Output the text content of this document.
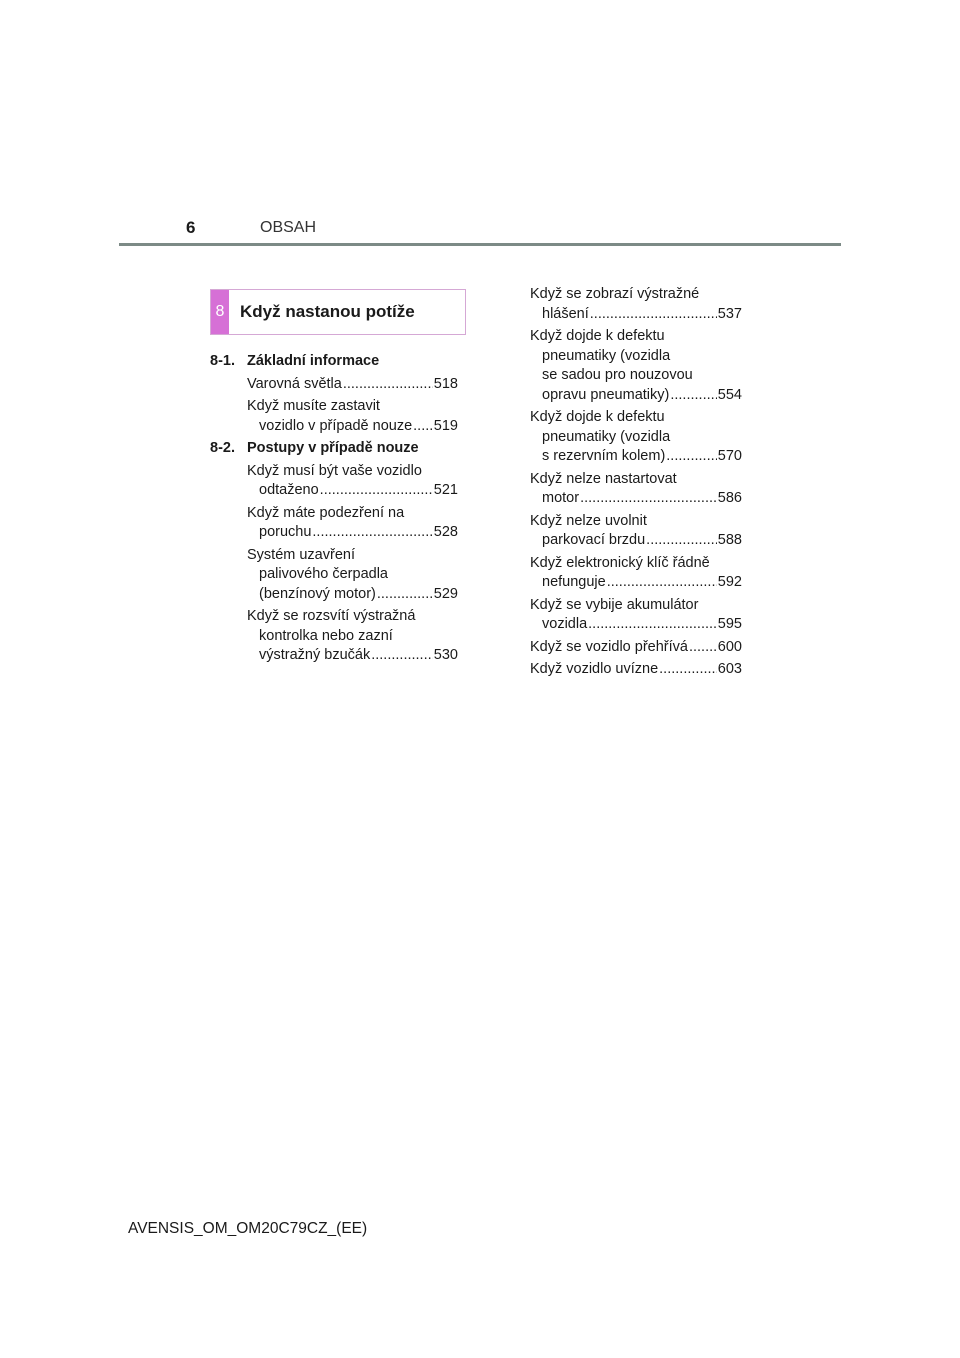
6	OBSAH
8 Když nastanou potíže
8-1. Základní informace
Varovná světla .....	518
Když musíte zastavit
vozidlo v případě nouze ..... 519
8-2. Postupy v případě nouze
Když musí být vaše vozidlo
odtaženo .....	521
Když máte podezření na
poruchu .....	528
Systém uzavření
palivového čerpadla
(benzínový motor) .....	529
Když se rozsvítí výstražná
kontrolka nebo zazní
výstražný bzučák .....	530
Když se zobrazí výstražné
hlášení .....	537
Když dojde k defektu
pneumatiky (vozidla
se sadou pro nouzovou
opravu pneumatiky) .....	554
Když dojde k defektu
pneumatiky (vozidla
s rezervním kolem) .....	570
Když nelze nastartovat
motor .....	586
Když nelze uvolnit
parkovací brzdu .....	588
Když elektronický klíč řádně
nefunguje .....	592
Když se vybije akumulátor
vozidla .....	595
Když se vozidlo přehřívá ..... 600
Když vozidlo uvízne .....	603
AVENSIS_OM_OM20C79CZ_(EE)
